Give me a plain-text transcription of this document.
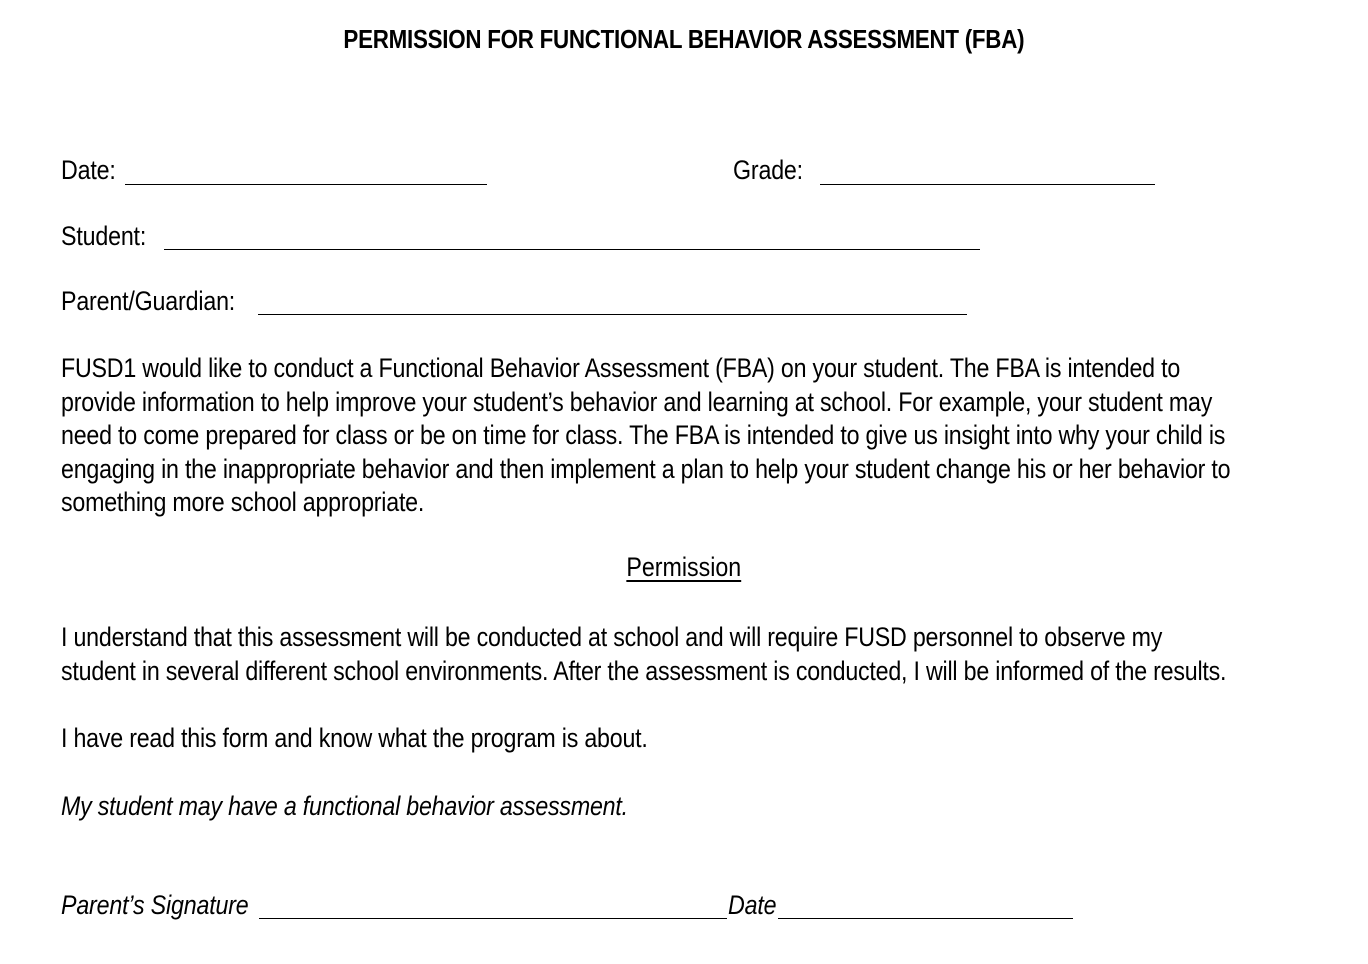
PERMISSION FOR FUNCTIONAL BEHAVIOR ASSESSMENT (FBA)
Date:	Grade:
Student:
Parent/Guardian:
FUSD1 would like to conduct a Functional Behavior Assessment (FBA) on your student. The FBA is intended to
provide information to help improve your student’s behavior and learning at school. For example, your student may
need to come prepared for class or be on time for class. The FBA is intended to give us insight into why your child is
engaging in the inappropriate behavior and then implement a plan to help your student change his or her behavior to
something more school appropriate.
Permission
I understand that this assessment will be conducted at school and will require FUSD personnel to observe my
student in several different school environments. After the assessment is conducted, I will be informed of the results.
I have read this form and know what the program is about.
My student may have a functional behavior assessment.
Parent’s Signature	Date
